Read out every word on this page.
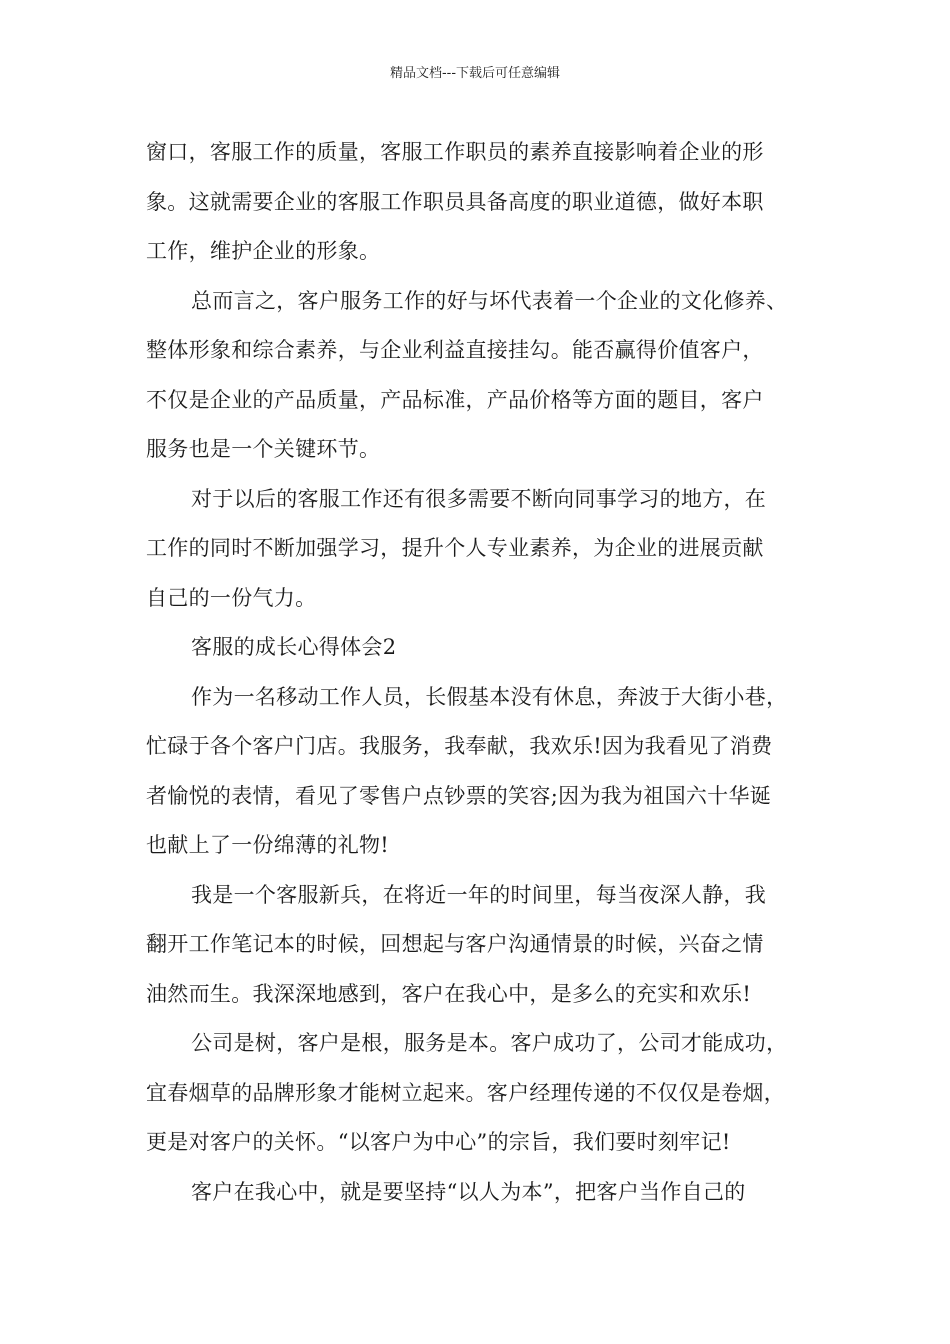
精品文档---下载后可任意编辑

窗口，客服工作的质量，客服工作职员的素养直接影响着企业的形
象。这就需要企业的客服工作职员具备高度的职业道德，做好本职
工作，维护企业的形象。

总而言之，客户服务工作的好与坏代表着一个企业的文化修养、
整体形象和综合素养，与企业利益直接挂勾。能否赢得价值客户，
不仅是企业的产品质量，产品标准，产品价格等方面的题目，客户
服务也是一个关键环节。

对于以后的客服工作还有很多需要不断向同事学习的地方，在
工作的同时不断加强学习，提升个人专业素养，为企业的进展贡献
自己的一份气力。

客服的成长心得体会2

作为一名移动工作人员，长假基本没有休息，奔波于大街小巷，
忙碌于各个客户门店。我服务，我奉献，我欢乐!因为我看见了消费
者愉悦的表情，看见了零售户点钞票的笑容;因为我为祖国六十华诞
也献上了一份绵薄的礼物!

我是一个客服新兵，在将近一年的时间里，每当夜深人静，我
翻开工作笔记本的时候，回想起与客户沟通情景的时候，兴奋之情
油然而生。我深深地感到，客户在我心中，是多么的充实和欢乐!

公司是树，客户是根，服务是本。客户成功了，公司才能成功，
宜春烟草的品牌形象才能树立起来。客户经理传递的不仅仅是卷烟，
更是对客户的关怀。“以客户为中心”的宗旨，我们要时刻牢记!

客户在我心中，就是要坚持“以人为本”，把客户当作自己的
